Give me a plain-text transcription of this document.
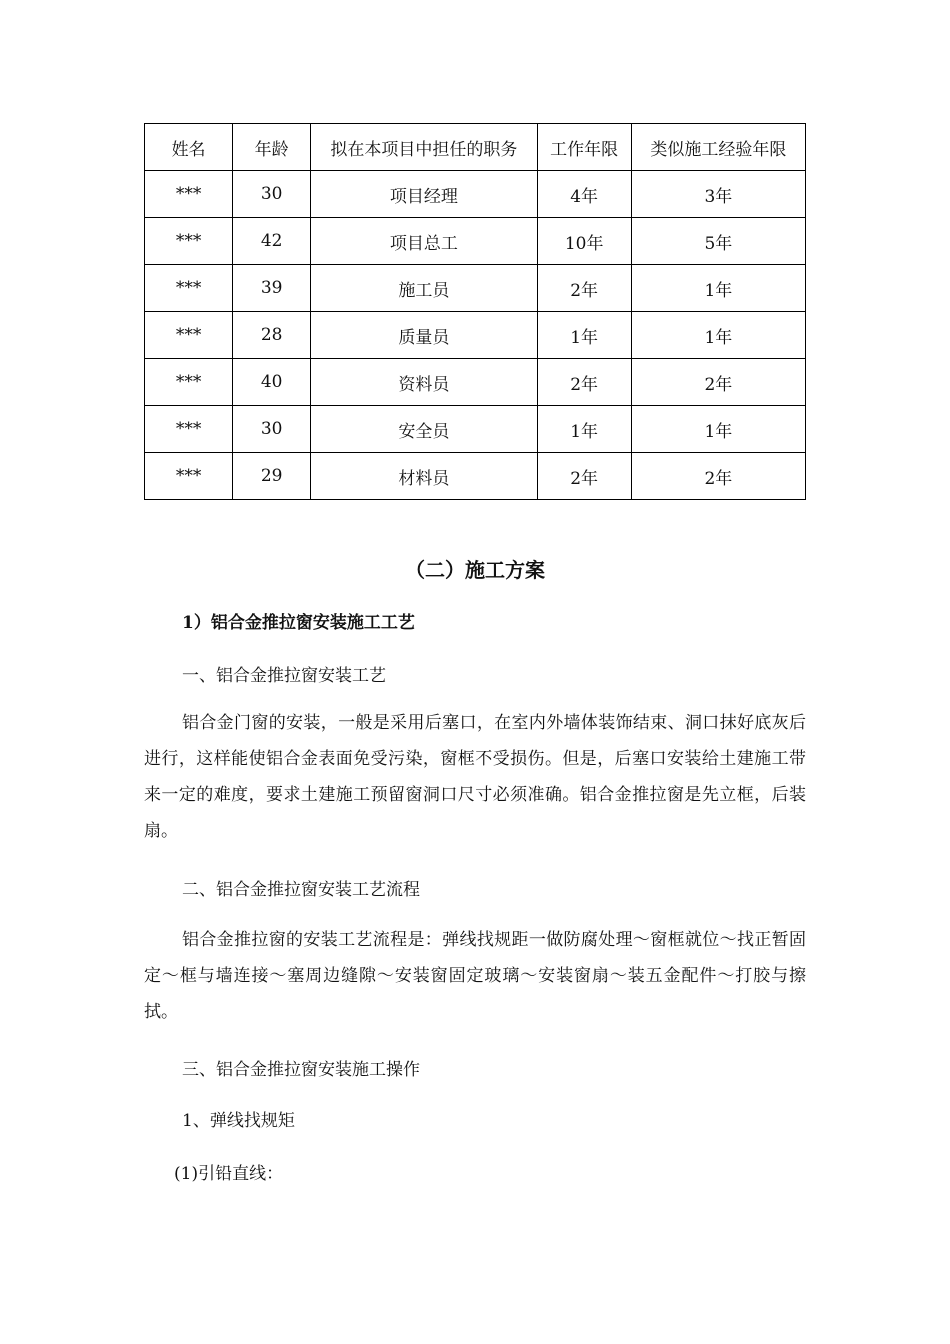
姓名	年龄	拟在本项目中担任的职务	工作年限	类似施工经验年限
***	30	项目经理	4年	3年
***	42	项目总工	10年	5年
***	39	施工员	2年	1年
***	28	质量员	1年	1年
***	40	资料员	2年	2年
***	30	安全员	1年	1年
***	29	材料员	2年	2年
（二）施工方案
1）铝合金推拉窗安装施工工艺

一、铝合金推拉窗安装工艺

铝合金门窗的安装，一般是采用后塞口，在室内外墙体装饰结束、洞口抹好底灰后进行，这样能使铝合金表面免受污染，窗框不受损伤。但是，后塞口安装给土建施工带来一定的难度，要求土建施工预留窗洞口尺寸必须准确。铝合金推拉窗是先立框，后装扇。

二、铝合金推拉窗安装工艺流程

铝合金推拉窗的安装工艺流程是：弹线找规距一做防腐处理～窗框就位～找正暂固定～框与墙连接～塞周边缝隙～安装窗固定玻璃～安装窗扇～装五金配件～打胶与擦拭。

三、铝合金推拉窗安装施工操作

1、弹线找规矩

(1)引铅直线：
